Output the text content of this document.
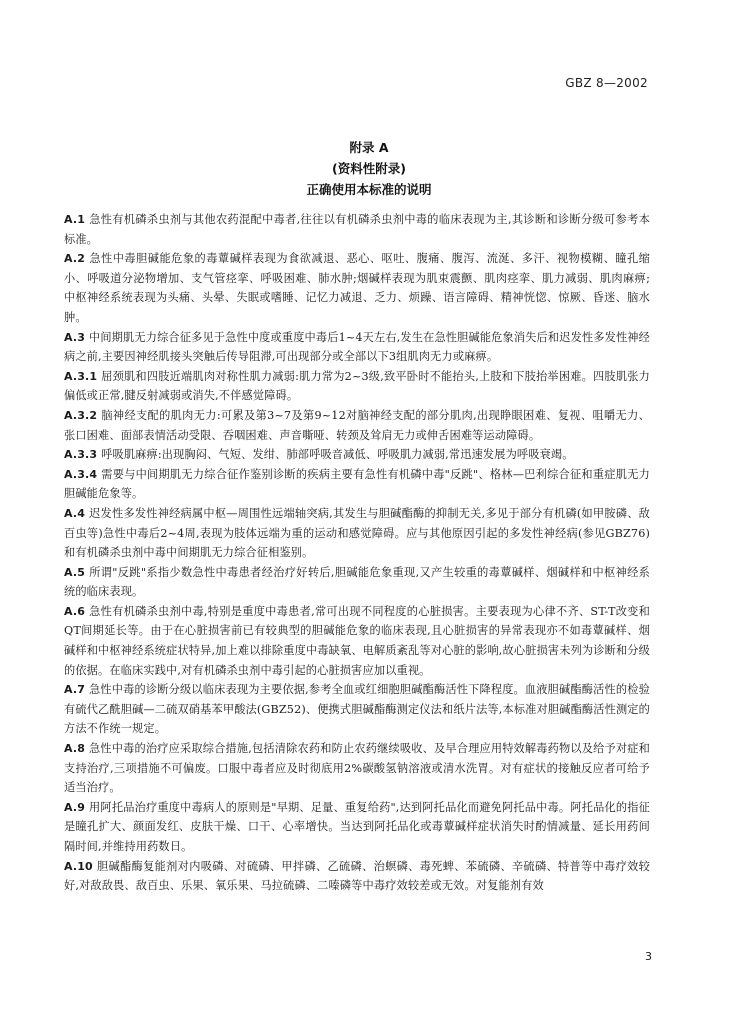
GBZ 8—2002
附录 A
(资料性附录)
正确使用本标准的说明

A.1 急性有机磷杀虫剂与其他农药混配中毒者,往往以有机磷杀虫剂中毒的临床表现为主,其诊断和诊断分级可参考本标准。

A.2 急性中毒胆碱能危象的毒蕈碱样表现为食欲减退、恶心、呕吐、腹痛、腹泻、流涎、多汗、视物模糊、瞳孔缩小、呼吸道分泌物增加、支气管痉挛、呼吸困难、肺水肿;烟碱样表现为肌束震颤、肌肉痉挛、肌力减弱、肌肉麻痹;中枢神经系统表现为头痛、头晕、失眠或嗜睡、记忆力减退、乏力、烦躁、语言障碍、精神恍惚、惊厥、昏迷、脑水肿。

A.3 中间期肌无力综合征多见于急性中度或重度中毒后1~4天左右,发生在急性胆碱能危象消失后和迟发性多发性神经病之前,主要因神经肌接头突触后传导阻滞,可出现部分或全部以下3组肌肉无力或麻痹。

A.3.1 屈颈肌和四肢近端肌肉对称性肌力减弱:肌力常为2~3级,致平卧时不能抬头,上肢和下肢抬举困难。四肢肌张力偏低或正常,腱反射减弱或消失,不伴感觉障碍。

A.3.2 脑神经支配的肌肉无力:可累及第3~7及第9~12对脑神经支配的部分肌肉,出现睁眼困难、复视、咀嚼无力、张口困难、面部表情活动受限、吞咽困难、声音嘶哑、转颈及耸肩无力或伸舌困难等运动障碍。

A.3.3 呼吸肌麻痹:出现胸闷、气短、发绀、肺部呼吸音减低、呼吸肌力减弱,常迅速发展为呼吸衰竭。

A.3.4 需要与中间期肌无力综合征作鉴别诊断的疾病主要有急性有机磷中毒"反跳"、格林—巴利综合征和重症肌无力胆碱能危象等。

A.4 迟发性多发性神经病属中枢—周围性远端轴突病,其发生与胆碱酯酶的抑制无关,多见于部分有机磷(如甲胺磷、敌百虫等)急性中毒后2~4周,表现为肢体远端为重的运动和感觉障碍。应与其他原因引起的多发性神经病(参见GBZ76)和有机磷杀虫剂中毒中间期肌无力综合征相鉴别。

A.5 所谓"反跳"系指少数急性中毒患者经治疗好转后,胆碱能危象重现,又产生较重的毒蕈碱样、烟碱样和中枢神经系统的临床表现。

A.6 急性有机磷杀虫剂中毒,特别是重度中毒患者,常可出现不同程度的心脏损害。主要表现为心律不齐、ST-T改变和QT间期延长等。由于在心脏损害前已有较典型的胆碱能危象的临床表现,且心脏损害的异常表现亦不如毒蕈碱样、烟碱样和中枢神经系统症状特异,加上难以排除重度中毒缺氧、电解质紊乱等对心脏的影响,故心脏损害未列为诊断和分级的依据。在临床实践中,对有机磷杀虫剂中毒引起的心脏损害应加以重视。

A.7 急性中毒的诊断分级以临床表现为主要依据,参考全血或红细胞胆碱酯酶活性下降程度。血液胆碱酯酶活性的检验有硫代乙酰胆碱—二硫双硝基苯甲酸法(GBZ52)、便携式胆碱酯酶测定仪法和纸片法等,本标准对胆碱酯酶活性测定的方法不作统一规定。

A.8 急性中毒的治疗应采取综合措施,包括清除农药和防止农药继续吸收、及早合理应用特效解毒药物以及给予对症和支持治疗,三项措施不可偏废。口服中毒者应及时彻底用2%碳酸氢钠溶液或清水洗胃。对有症状的接触反应者可给予适当治疗。

A.9 用阿托品治疗重度中毒病人的原则是"早期、足量、重复给药",达到阿托品化而避免阿托品中毒。阿托品化的指征是瞳孔扩大、颜面发红、皮肤干燥、口干、心率增快。当达到阿托品化或毒蕈碱样症状消失时酌情减量、延长用药间隔时间,并维持用药数日。

A.10 胆碱酯酶复能剂对内吸磷、对硫磷、甲拌磷、乙硫磷、治螟磷、毒死蜱、苯硫磷、辛硫磷、特普等中毒疗效较好,对敌敌畏、敌百虫、乐果、氧乐果、马拉硫磷、二嗪磷等中毒疗效较差或无效。对复能剂有效

3
